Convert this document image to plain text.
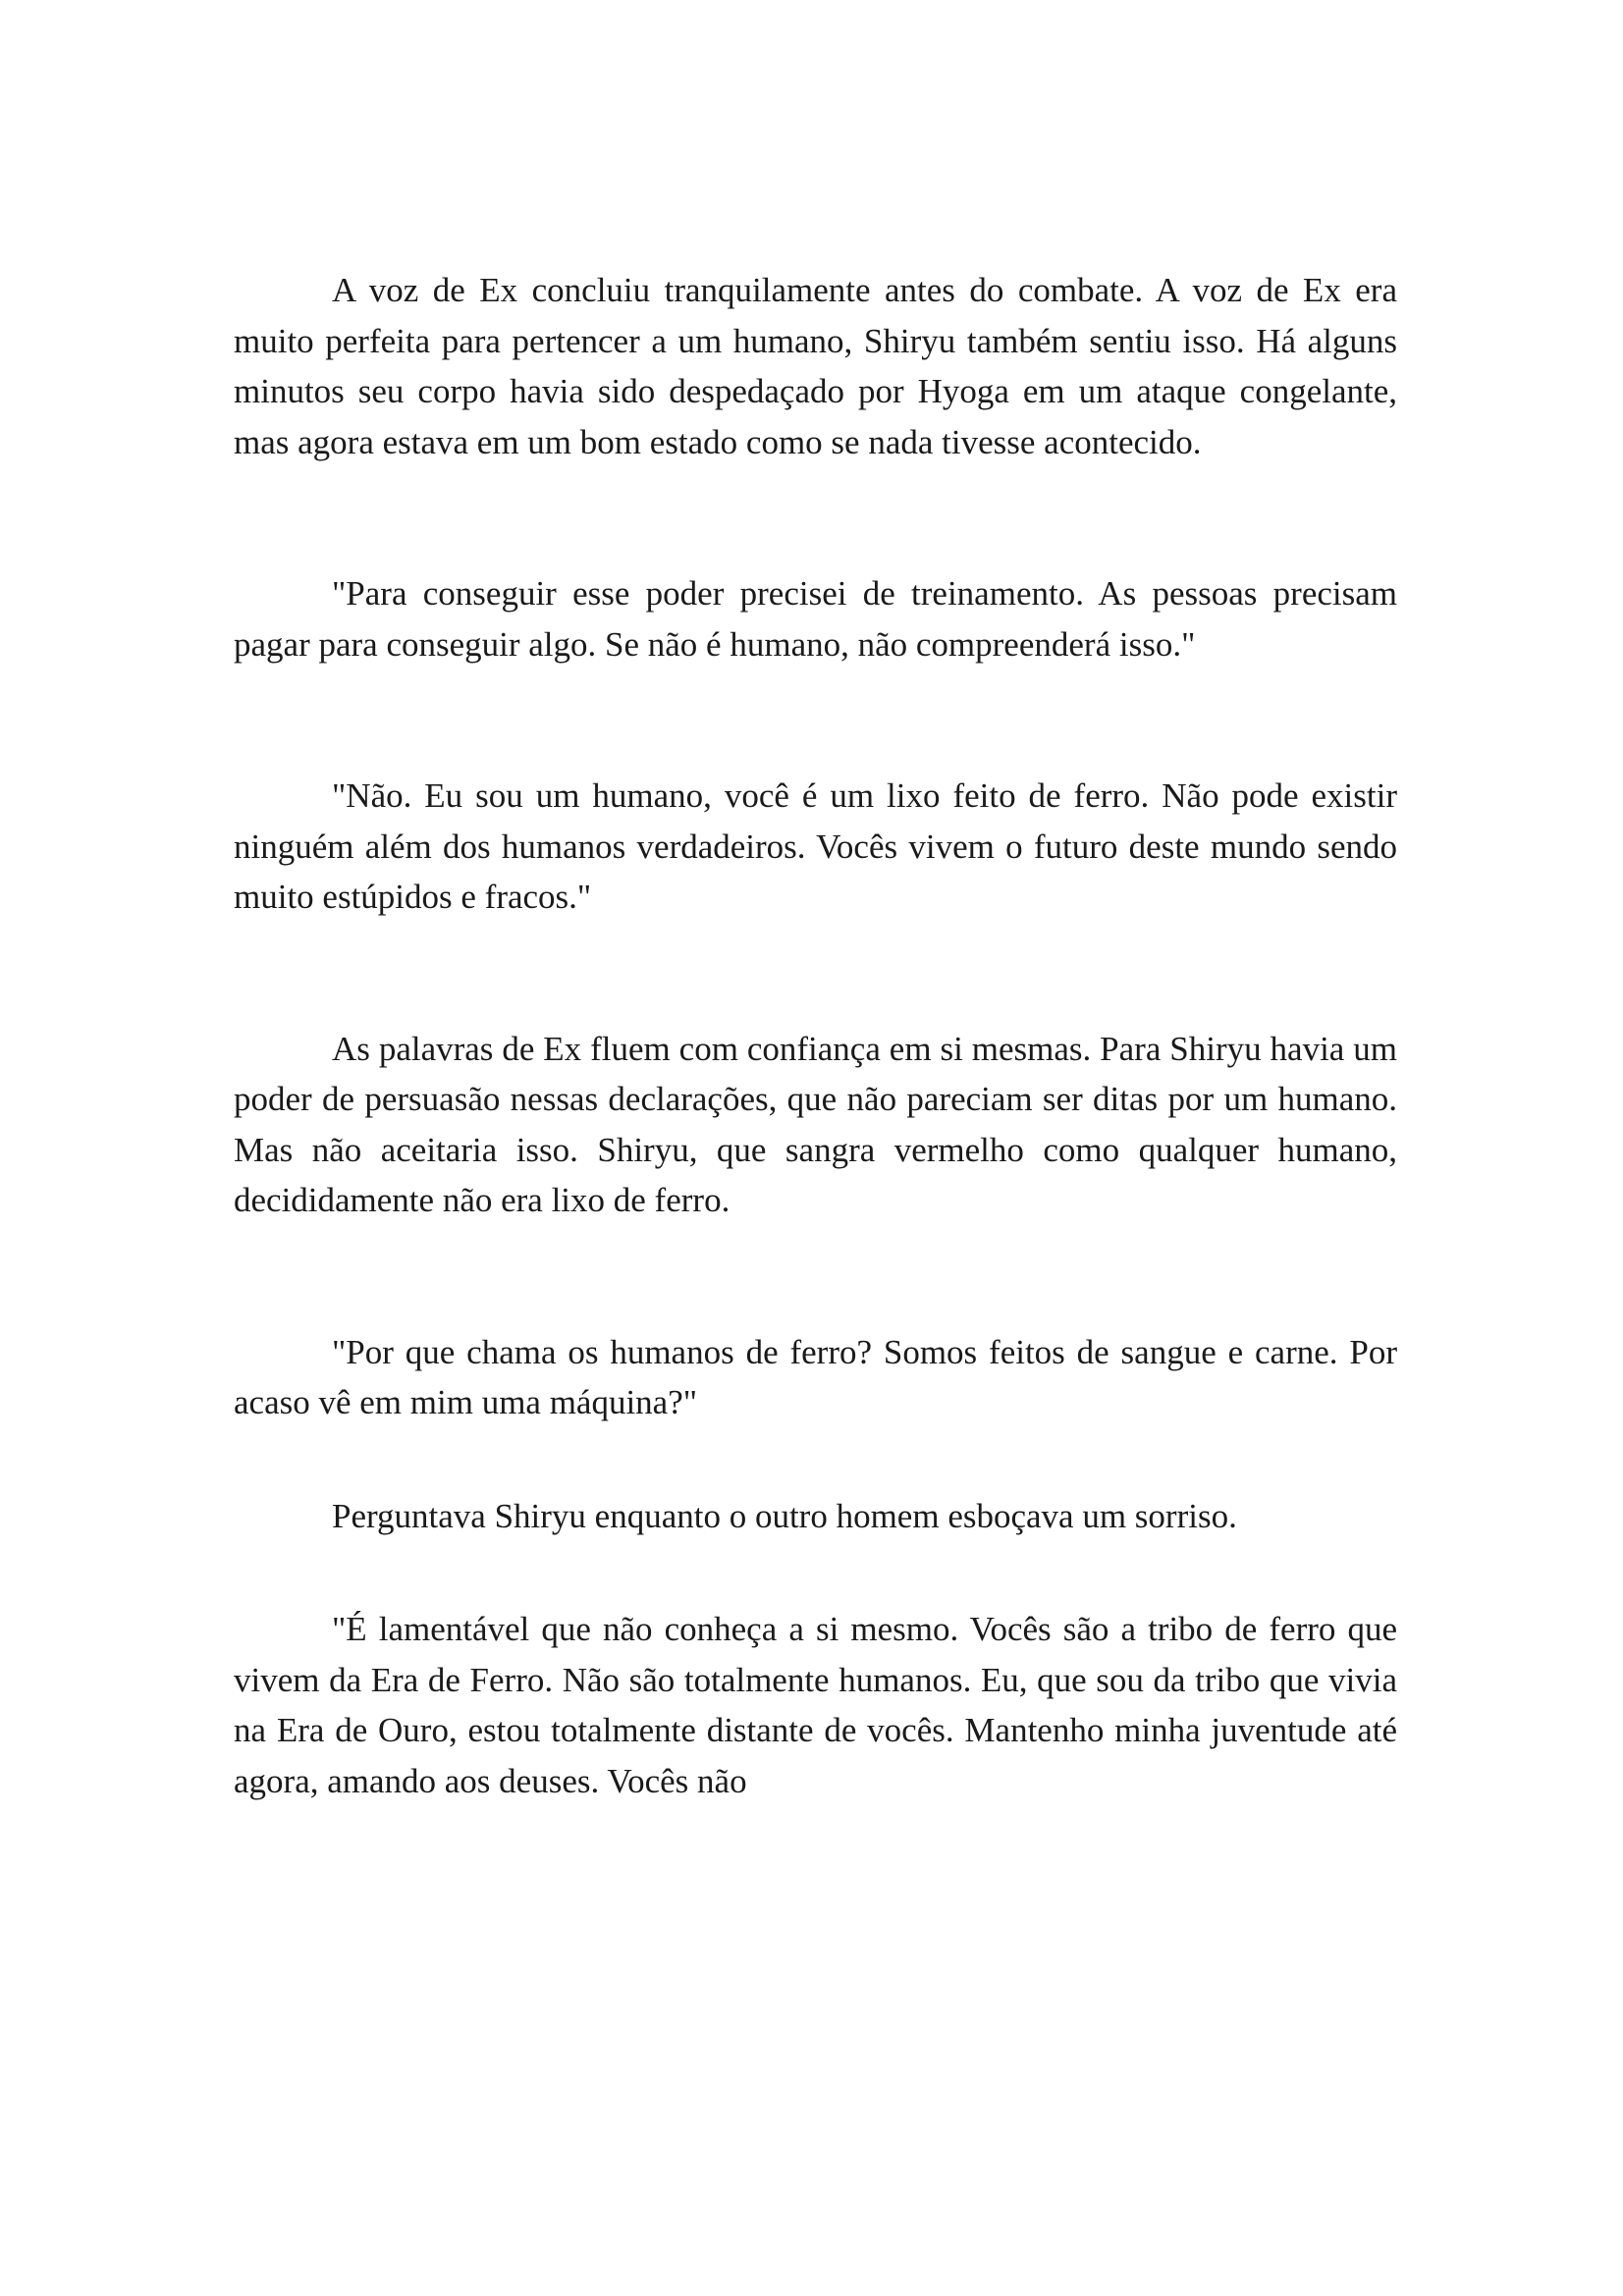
A voz de Ex concluiu tranquilamente antes do combate. A voz de Ex era muito perfeita para pertencer a um humano, Shiryu também sentiu isso. Há alguns minutos seu corpo havia sido despedaçado por Hyoga em um ataque congelante, mas agora estava em um bom estado como se nada tivesse acontecido.

"Para conseguir esse poder precisei de treinamento. As pessoas precisam pagar para conseguir algo. Se não é humano, não compreenderá isso."

"Não. Eu sou um humano, você é um lixo feito de ferro. Não pode existir ninguém além dos humanos verdadeiros. Vocês vivem o futuro deste mundo sendo muito estúpidos e fracos."

As palavras de Ex fluem com confiança em si mesmas. Para Shiryu havia um poder de persuasão nessas declarações, que não pareciam ser ditas por um humano. Mas não aceitaria isso. Shiryu, que sangra vermelho como qualquer humano, decididamente não era lixo de ferro.

"Por que chama os humanos de ferro? Somos feitos de sangue e carne. Por acaso vê em mim uma máquina?"

Perguntava Shiryu enquanto o outro homem esboçava um sorriso.

"É lamentável que não conheça a si mesmo. Vocês são a tribo de ferro que vivem da Era de Ferro. Não são totalmente humanos. Eu, que sou da tribo que vivia na Era de Ouro, estou totalmente distante de vocês. Mantenho minha juventude até agora, amando aos deuses. Vocês não
